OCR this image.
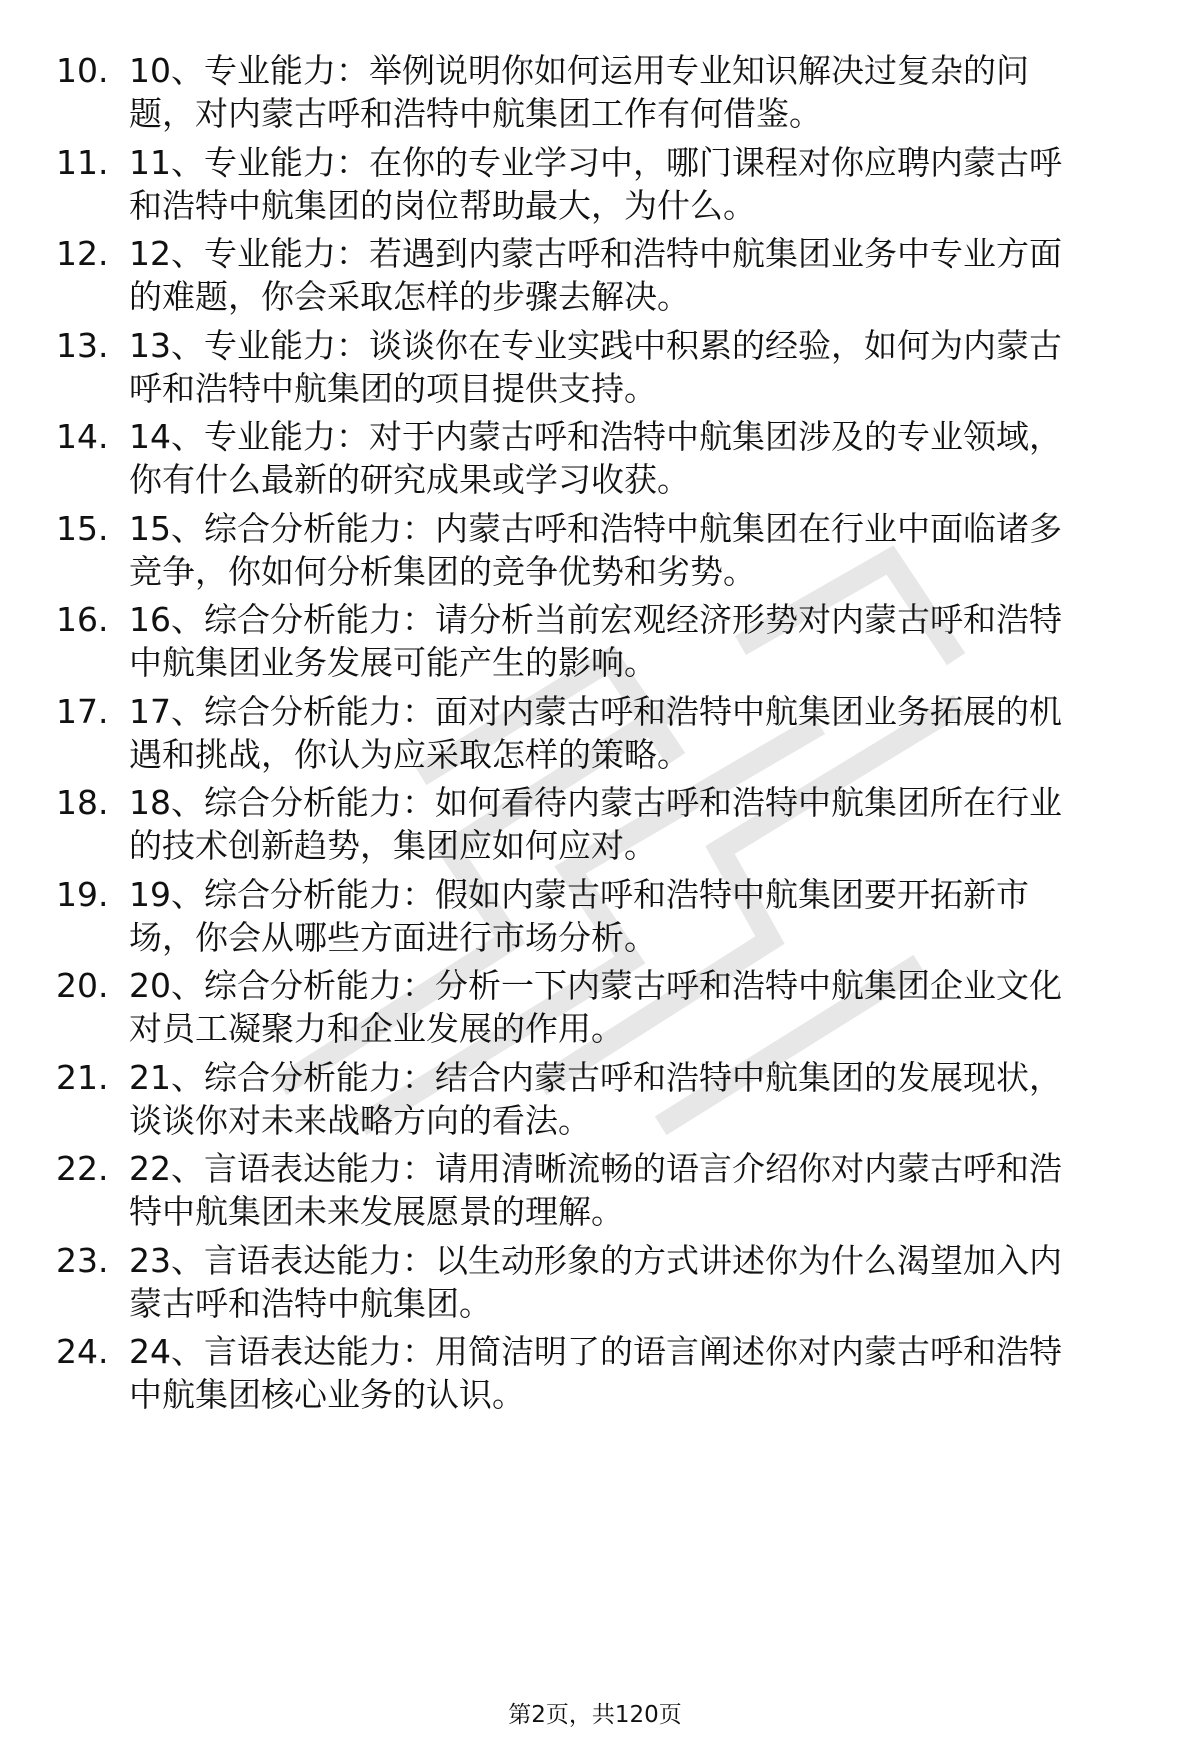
10. 10、专业能力：举例说明你如何运用专业知识解决过复杂的问
题，对内蒙古呼和浩特中航集团工作有何借鉴。
11. 11、专业能力：在你的专业学习中，哪门课程对你应聘内蒙古呼
和浩特中航集团的岗位帮助最大，为什么。
12. 12、专业能力：若遇到内蒙古呼和浩特中航集团业务中专业方面
的难题，你会采取怎样的步骤去解决。
13. 13、专业能力：谈谈你在专业实践中积累的经验，如何为内蒙古
呼和浩特中航集团的项目提供支持。
14. 14、专业能力：对于内蒙古呼和浩特中航集团涉及的专业领域，
你有什么最新的研究成果或学习收获。
15. 15、综合分析能力：内蒙古呼和浩特中航集团在行业中面临诸多
竞争，你如何分析集团的竞争优势和劣势。
16. 16、综合分析能力：请分析当前宏观经济形势对内蒙古呼和浩特
中航集团业务发展可能产生的影响。
17. 17、综合分析能力：面对内蒙古呼和浩特中航集团业务拓展的机
遇和挑战，你认为应采取怎样的策略。
18. 18、综合分析能力：如何看待内蒙古呼和浩特中航集团所在行业
的技术创新趋势，集团应如何应对。
19. 19、综合分析能力：假如内蒙古呼和浩特中航集团要开拓新市
场，你会从哪些方面进行市场分析。
20. 20、综合分析能力：分析一下内蒙古呼和浩特中航集团企业文化
对员工凝聚力和企业发展的作用。
21. 21、综合分析能力：结合内蒙古呼和浩特中航集团的发展现状，
谈谈你对未来战略方向的看法。
22. 22、言语表达能力：请用清晰流畅的语言介绍你对内蒙古呼和浩
特中航集团未来发展愿景的理解。
23. 23、言语表达能力：以生动形象的方式讲述你为什么渴望加入内
蒙古呼和浩特中航集团。
24. 24、言语表达能力：用简洁明了的语言阐述你对内蒙古呼和浩特
中航集团核心业务的认识。
第2页，共120页
